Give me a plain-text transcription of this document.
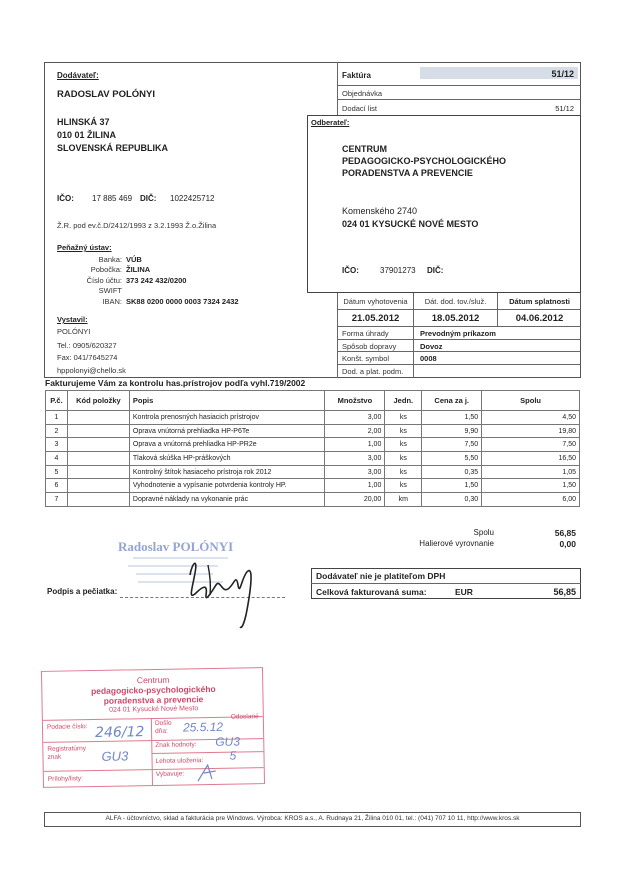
Dodávateľ:
RADOSLAV POLÓNYI
HLINSKÁ 37
010 01 ŽILINA
SLOVENSKÁ REPUBLIKA
IČO: 17 885 469 DIČ: 1022425712
Ž.R. pod ev.č.D/2412/1993 z 3.2.1993 Ž.o.Žilina
Peňažný ústav:
Banka: VÚB
Pobočka: ŽILINA
Číslo účtu: 373 242 432/0200
SWIFT
IBAN: SK88 0200 0000 0003 7324 2432
Vystavil:
POLÓNYI
Tel.: 0905/620327
Fax: 041/7645274
hppolonyi@chello.sk
Faktúra	51/12
Objednávka
Dodací list	51/12
Odberateľ:
CENTRUM
PEDAGOGICKO-PSYCHOLOGICKÉHO
PORADENSTVA A PREVENCIE
Komenského 2740
024 01 KYSUCKÉ NOVÉ MESTO
IČO:	37901273 DIČ:
Dátum vyhotovenia	Dát. dod. tov./služ.	Dátum splatnosti
21.05.2012	18.05.2012	04.06.2012
Forma úhrady	Prevodným príkazom
Spôsob dopravy	Dovoz
Konšt. symbol	0008
Dod. a plat. podm.
Fakturujeme Vám za kontrolu has.prístrojov podľa vyhl.719/2002
P.č.	Kód položky	Popis	Množstvo	Jedn.	Cena za j.	Spolu
1		Kontrola prenosných hasiacich prístrojov	3,00	ks	1,50	4,50
2		Oprava vnútorná prehliadka HP-P6Te	2,00	ks	9,90	19,80
3		Oprava a vnútorná prehliadka HP-PR2e	1,00	ks	7,50	7,50
4		Tlaková skúška HP-práškových	3,00	ks	5,50	16,50
5		Kontrolný štítok hasiaceho prístroja rok 2012	3,00	ks	0,35	1,05
6		Vyhodnotenie a vypísanie potvrdenia kontroly HP.	1,00	ks	1,50	1,50
7		Dopravné náklady na vykonanie prác	20,00	km	0,30	6,00
Spolu	56,85
Halierové vyrovnanie	0,00
Dodávateľ nie je platiteľom DPH
Celková fakturovaná suma:	EUR	56,85
Podpis a pečiatka:
Radoslav POLÓNYI
Centrum
pedagogicko-psychologického
poradenstva a prevencie
024 01 Kysucké Nové Mesto
Podacie číslo: 246/12
Došlo dňa:	25.5.12
Odoslané
Registratúrny znak	GU3
Znak hodnoty: GU3
Lehota uloženia: 5
Prílohy/listy:
Vybavuje:
ALFA - účtovníctvo, sklad a fakturácia pre Windows. Výrobca: KROS a.s., A. Rudnaya 21, Žilina 010 01, tel.: (041) 707 10 11, http://www.kros.sk
